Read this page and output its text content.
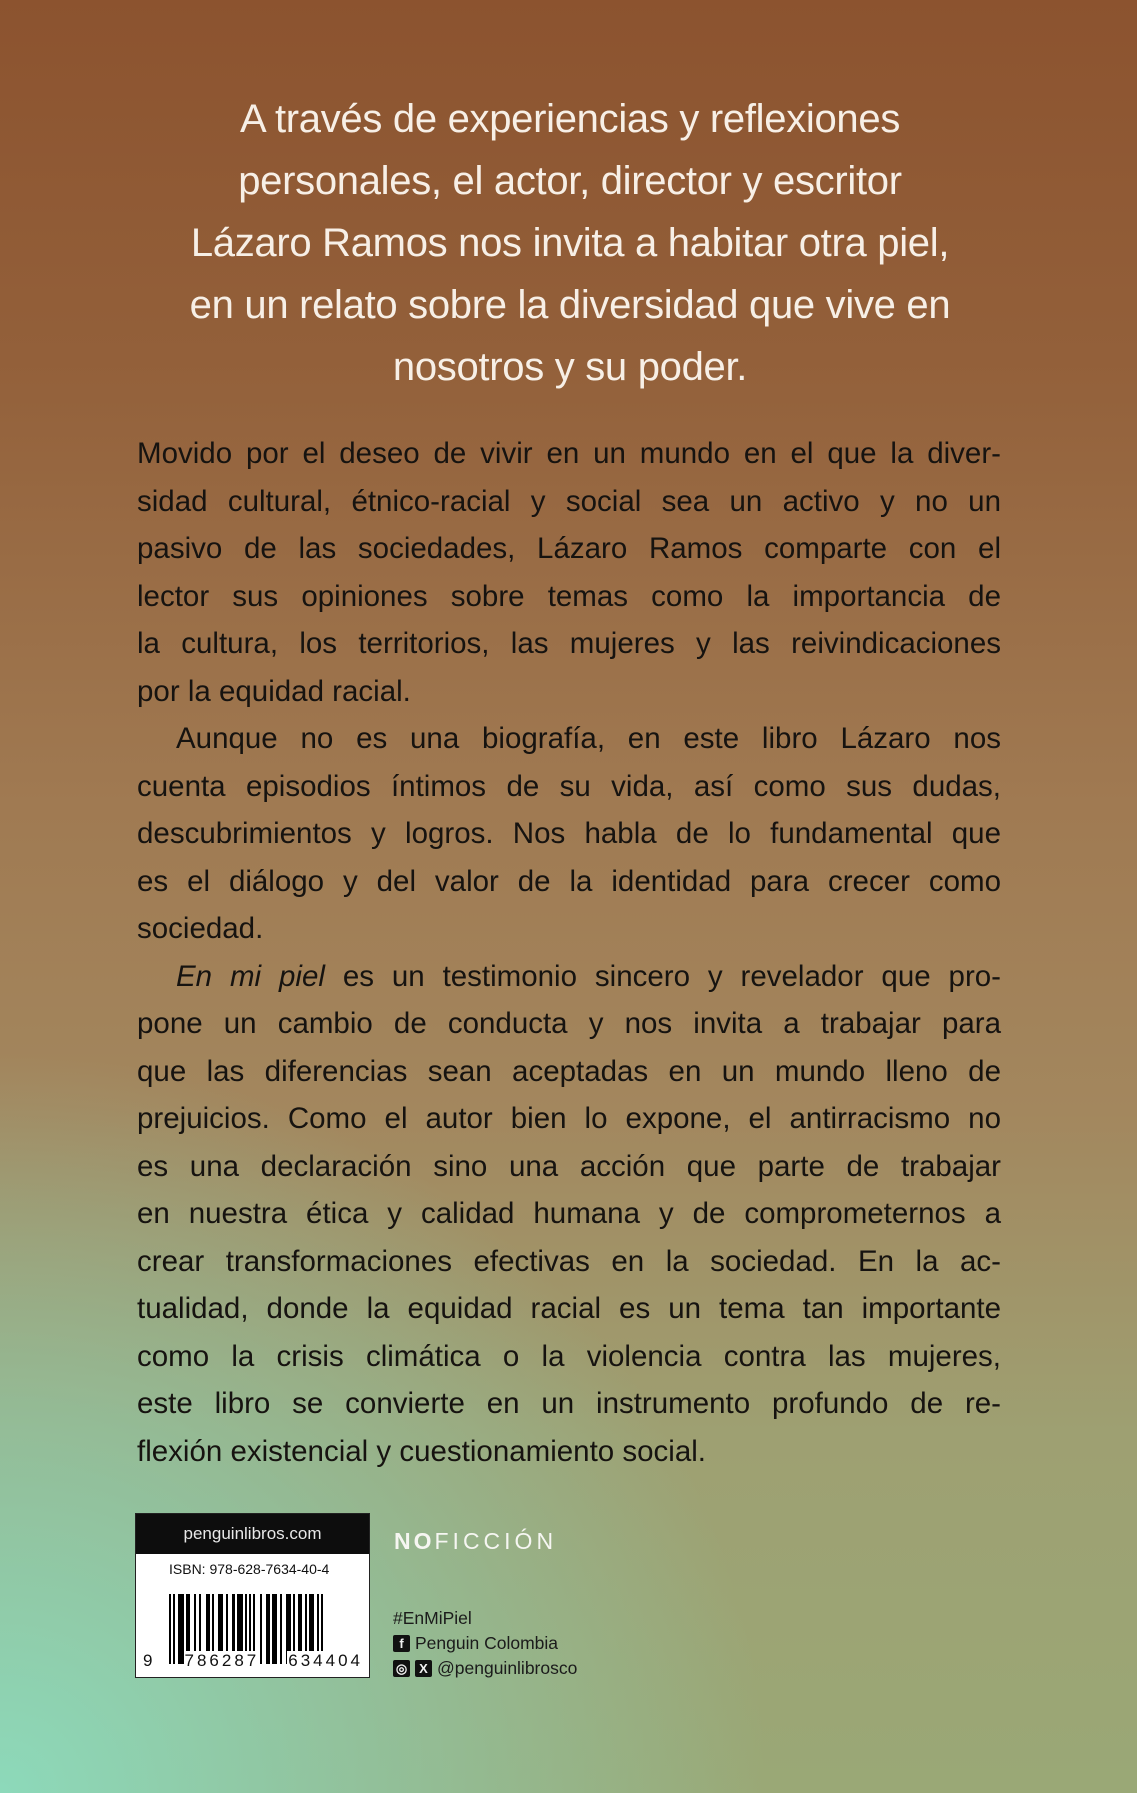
A través de experiencias y reflexiones
personales, el actor, director y escritor
Lázaro Ramos nos invita a habitar otra piel,
en un relato sobre la diversidad que vive en
nosotros y su poder.
Movido por el deseo de vivir en un mundo en el que la diver-
sidad cultural, étnico-racial y social sea un activo y no un
pasivo de las sociedades, Lázaro Ramos comparte con el
lector sus opiniones sobre temas como la importancia de
la cultura, los territorios, las mujeres y las reivindicaciones
por la equidad racial.
Aunque no es una biografía, en este libro Lázaro nos
cuenta episodios íntimos de su vida, así como sus dudas,
descubrimientos y logros. Nos habla de lo fundamental que
es el diálogo y del valor de la identidad para crecer como
sociedad.
En mi piel es un testimonio sincero y revelador que pro-
pone un cambio de conducta y nos invita a trabajar para
que las diferencias sean aceptadas en un mundo lleno de
prejuicios. Como el autor bien lo expone, el antirracismo no
es una declaración sino una acción que parte de trabajar
en nuestra ética y calidad humana y de comprometernos a
crear transformaciones efectivas en la sociedad. En la ac-
tualidad, donde la equidad racial es un tema tan importante
como la crisis climática o la violencia contra las mujeres,
este libro se convierte en un instrumento profundo de re-
flexión existencial y cuestionamiento social.
penguinlibros.com
ISBN: 978-628-7634-40-4
9 786287 634404
NOFICCIÓN
#EnMiPiel
f Penguin Colombia
◎ X @penguinlibrosco
